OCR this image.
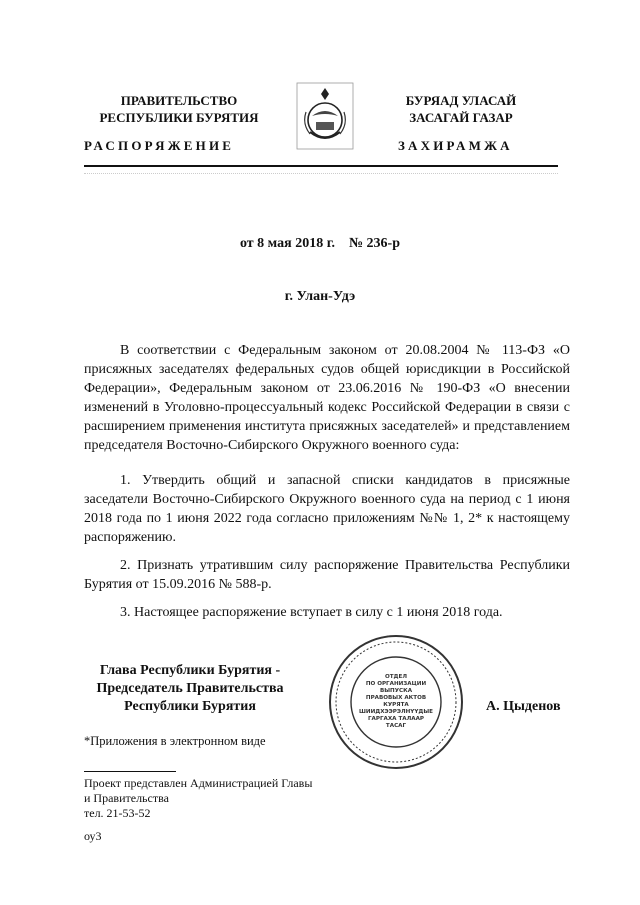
ПРАВИТЕЛЬСТВО
РЕСПУБЛИКИ БУРЯТИЯ
БУРЯАД УЛАСАЙ
ЗАСАГАЙ ГАЗАР
РАСПОРЯЖЕНИЕ	ЗАХИРАМЖА
от 8 мая 2018 г. № 236-р
г. Улан-Удэ

В соответствии с Федеральным законом от 20.08.2004 № 113-ФЗ «О присяжных заседателях федеральных судов общей юрисдикции в Российской Федерации», Федеральным законом от 23.06.2016 № 190-ФЗ «О внесении изменений в Уголовно-процессуальный кодекс Российской Федерации в связи с расширением применения института присяжных заседателей» и представлением председателя Восточно-Сибирского Окружного военного суда:

1. Утвердить общий и запасной списки кандидатов в присяжные заседатели Восточно-Сибирского Окружного военного суда на период с 1 июня 2018 года по 1 июня 2022 года согласно приложениям №№ 1, 2* к настоящему распоряжению.

2. Признать утратившим силу распоряжение Правительства Республики Бурятия от 15.09.2016 № 588-р.

3. Настоящее распоряжение вступает в силу с 1 июня 2018 года.

Глава Республики Бурятия -
Председатель Правительства
Республики Бурятия
ОТДЕЛ
ПО ОРГАНИЗАЦИИ
ВЫПУСКА
ПРАВОВЫХ АКТОВ
КУРЯТА
ШИИДХЭЭРЭЛНҮҮДЫЕ
ГАРГАХА ТАЛААР
ТАСАГ
А. Цыденов
*Приложения в электронном виде
Проект представлен Администрацией Главы
и Правительства
тел. 21-53-52
оу3
